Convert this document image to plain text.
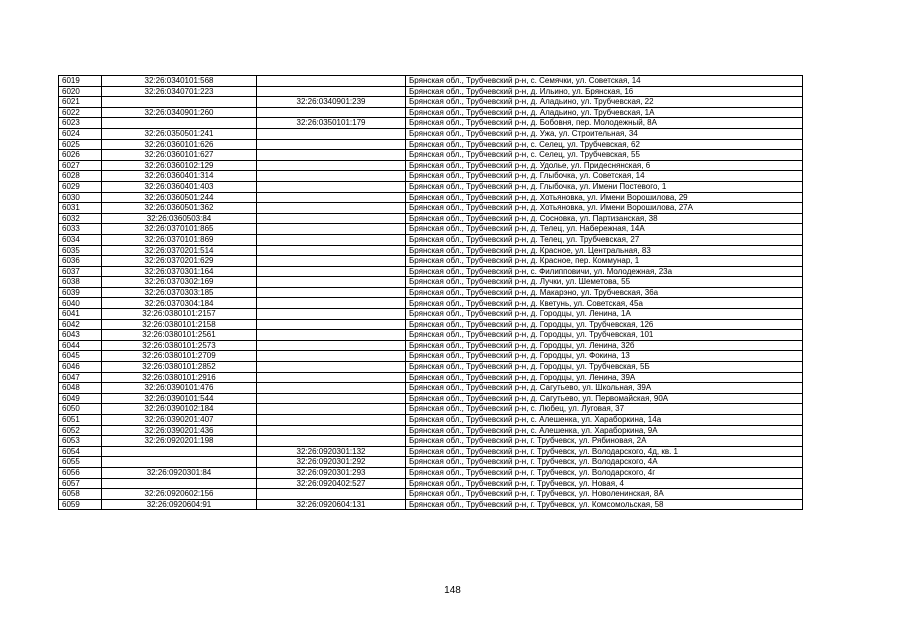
6019	32:26:0340101:568		Брянская обл., Трубчевский р-н, с. Семячки, ул. Советская, 14
6020	32:26:0340701:223		Брянская обл., Трубчевский р-н, д. Ильино, ул. Брянская, 16
6021		32:26:0340901:239	Брянская обл., Трубчевский р-н, д. Аладьино, ул. Трубчевская, 22
6022	32:26:0340901:260		Брянская обл., Трубчевский р-н, д. Аладьино, ул. Трубчевская, 1А
6023		32:26:0350101:179	Брянская обл., Трубчевский р-н, д. Бобовня, пер. Молодежный, 8А
6024	32:26:0350501:241		Брянская обл., Трубчевский р-н, д. Ужа, ул. Строительная, 34
6025	32:26:0360101:626		Брянская обл., Трубчевский р-н, с. Селец, ул. Трубчевская, 62
6026	32:26:0360101:627		Брянская обл., Трубчевский р-н, с. Селец, ул. Трубчевская, 55
6027	32:26:0360102:129		Брянская обл., Трубчевский р-н, д. Удолье, ул. Придеснянская, 6
6028	32:26:0360401:314		Брянская обл., Трубчевский р-н, д. Глыбочка, ул. Советская, 14
6029	32:26:0360401:403		Брянская обл., Трубчевский р-н, д. Глыбочка, ул. Имени Постевого, 1
6030	32:26:0360501:244		Брянская обл., Трубчевский р-н, д. Хотьяновка, ул. Имени Ворошилова, 29
6031	32:26:0360501:362		Брянская обл., Трубчевский р-н, д. Хотьяновка, ул. Имени Ворошилова, 27А
6032	32:26:0360503:84		Брянская обл., Трубчевский р-н, д. Сосновка, ул. Партизанская, 38
6033	32:26:0370101:865		Брянская обл., Трубчевский р-н, д. Телец, ул. Набережная, 14А
6034	32:26:0370101:869		Брянская обл., Трубчевский р-н, д. Телец, ул. Трубчевская, 27
6035	32:26:0370201:514		Брянская обл., Трубчевский р-н, д. Красное, ул. Центральная, 83
6036	32:26:0370201:629		Брянская обл., Трубчевский р-н, д. Красное, пер. Коммунар, 1
6037	32:26:0370301:164		Брянская обл., Трубчевский р-н, с. Филипповичи, ул. Молодежная, 23а
6038	32:26:0370302:169		Брянская обл., Трубчевский р-н, д. Лучки, ул. Шеметова, 55
6039	32:26:0370303:185		Брянская обл., Трубчевский р-н, д. Макарэно, ул. Трубчевская, 36а
6040	32:26:0370304:184		Брянская обл., Трубчевский р-н, д. Кветунь, ул. Советская, 45а
6041	32:26:0380101:2157		Брянская обл., Трубчевский р-н, д. Городцы, ул. Ленина, 1А
6042	32:26:0380101:2158		Брянская обл., Трубчевский р-н, д. Городцы, ул. Трубчевская, 126
6043	32:26:0380101:2561		Брянская обл., Трубчевский р-н, д. Городцы, ул. Трубчевская, 101
6044	32:26:0380101:2573		Брянская обл., Трубчевский р-н, д. Городцы, ул. Ленина, 32б
6045	32:26:0380101:2709		Брянская обл., Трубчевский р-н, д. Городцы, ул. Фокина, 13
6046	32:26:0380101:2852		Брянская обл., Трубчевский р-н, д. Городцы, ул. Трубчевская, 5Б
6047	32:26:0380101:2916		Брянская обл., Трубчевский р-н, д. Городцы, ул. Ленина, 39А
6048	32:26:0390101:476		Брянская обл., Трубчевский р-н, д. Сагутьево, ул. Школьная, 39А
6049	32:26:0390101:544		Брянская обл., Трубчевский р-н, д. Сагутьево, ул. Первомайская, 90А
6050	32:26:0390102:184		Брянская обл., Трубчевский р-н, с. Любец, ул. Луговая, 37
6051	32:26:0390201:407		Брянская обл., Трубчевский р-н, с. Алешенка, ул. Хараборкина, 14а
6052	32:26:0390201:436		Брянская обл., Трубчевский р-н, с. Алешенка, ул. Хараборкина, 9А
6053	32:26:0920201:198		Брянская обл., Трубчевский р-н, г. Трубчевск, ул. Рябиновая, 2А
6054		32:26:0920301:132	Брянская обл., Трубчевский р-н, г. Трубчевск, ул. Володарского, 4д, кв. 1
6055		32:26:0920301:292	Брянская обл., Трубчевский р-н, г. Трубчевск, ул. Володарского, 4А
6056	32:26:0920301:84	32:26:0920301:293	Брянская обл., Трубчевский р-н, г. Трубчевск, ул. Володарского, 4г
6057		32:26:0920402:527	Брянская обл., Трубчевский р-н, г. Трубчевск, ул. Новая, 4
6058	32:26:0920602:156		Брянская обл., Трубчевский р-н, г. Трубчевск, ул. Новоленинская, 8А
6059	32:26:0920604:91	32:26:0920604:131	Брянская обл., Трубчевский р-н, г. Трубчевск, ул. Комсомольская, 58
148
